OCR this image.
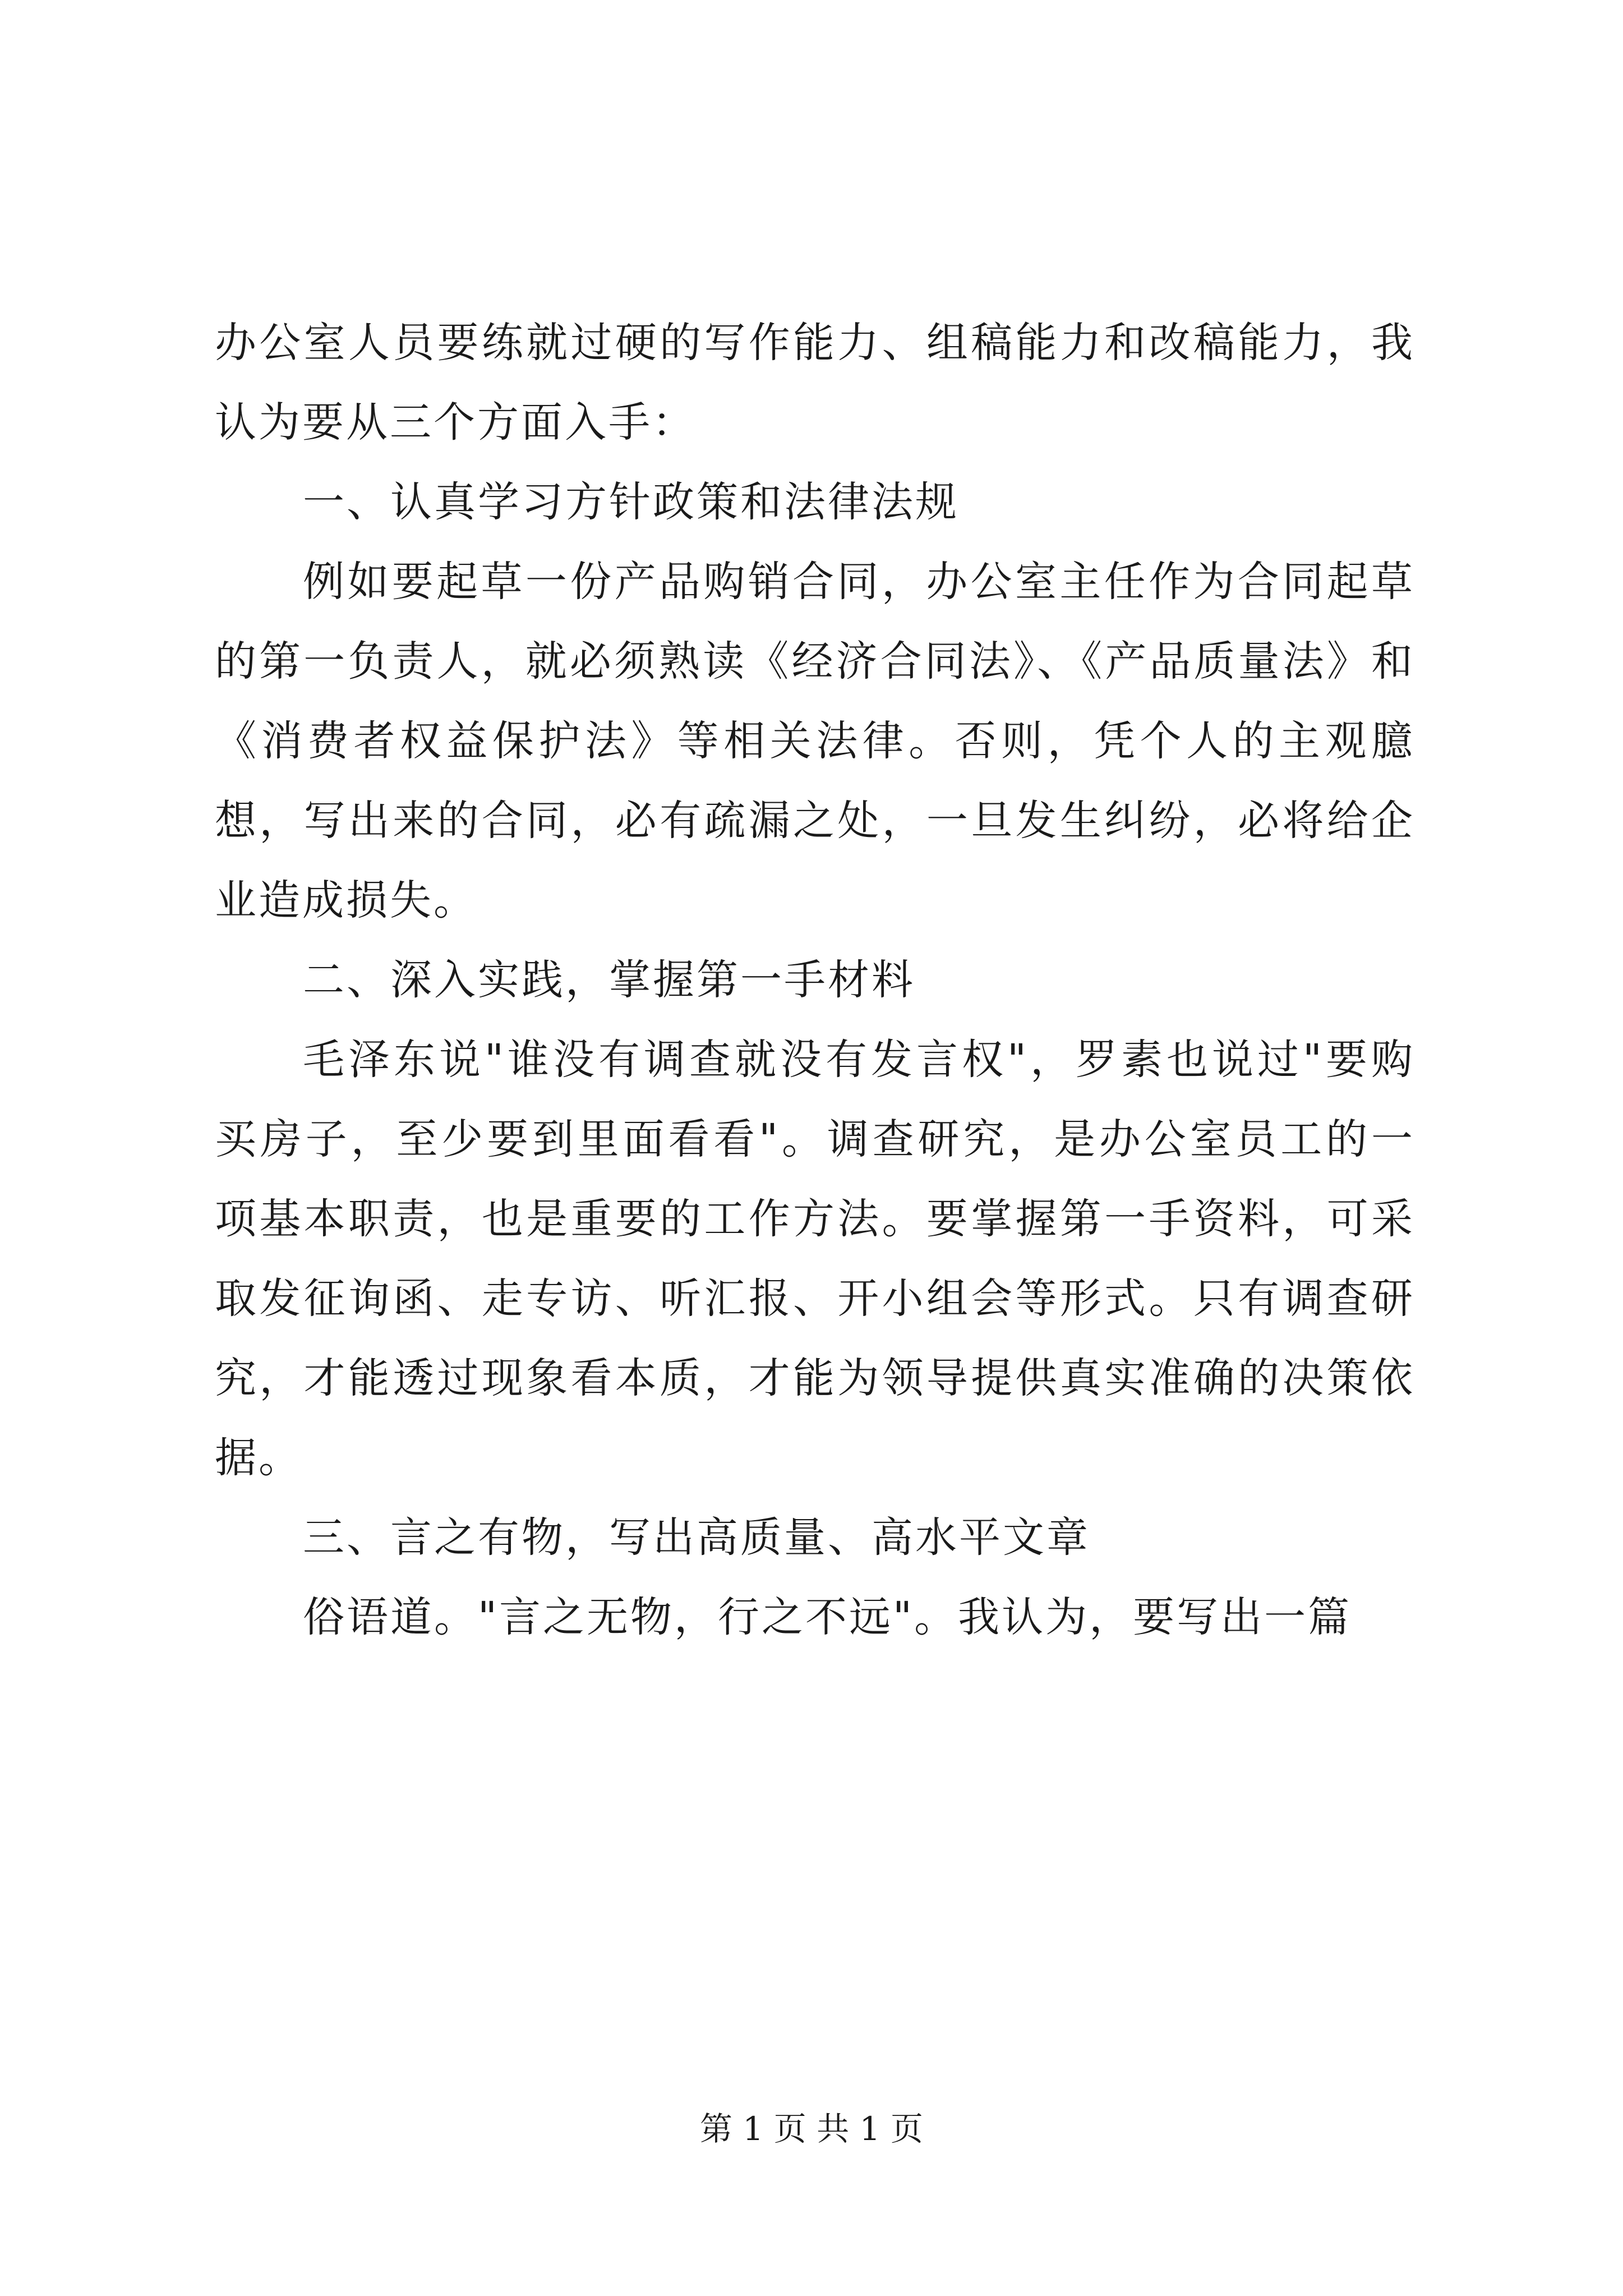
办公室人员要练就过硬的写作能力、组稿能力和改稿能力，我认为要从三个方面入手：

一、认真学习方针政策和法律法规

例如要起草一份产品购销合同，办公室主任作为合同起草的第一负责人，就必须熟读《经济合同法》、《产品质量法》和《消费者权益保护法》等相关法律。否则，凭个人的主观臆想，写出来的合同，必有疏漏之处，一旦发生纠纷，必将给企业造成损失。

二、深入实践，掌握第一手材料

毛泽东说"谁没有调查就没有发言权"，罗素也说过"要购买房子，至少要到里面看看"。调查研究，是办公室员工的一项基本职责，也是重要的工作方法。要掌握第一手资料，可采取发征询函、走专访、听汇报、开小组会等形式。只有调查研究，才能透过现象看本质，才能为领导提供真实准确的决策依据。

三、言之有物，写出高质量、高水平文章

俗语道。"言之无物，行之不远"。我认为，要写出一篇

第 1 页 共 1 页
